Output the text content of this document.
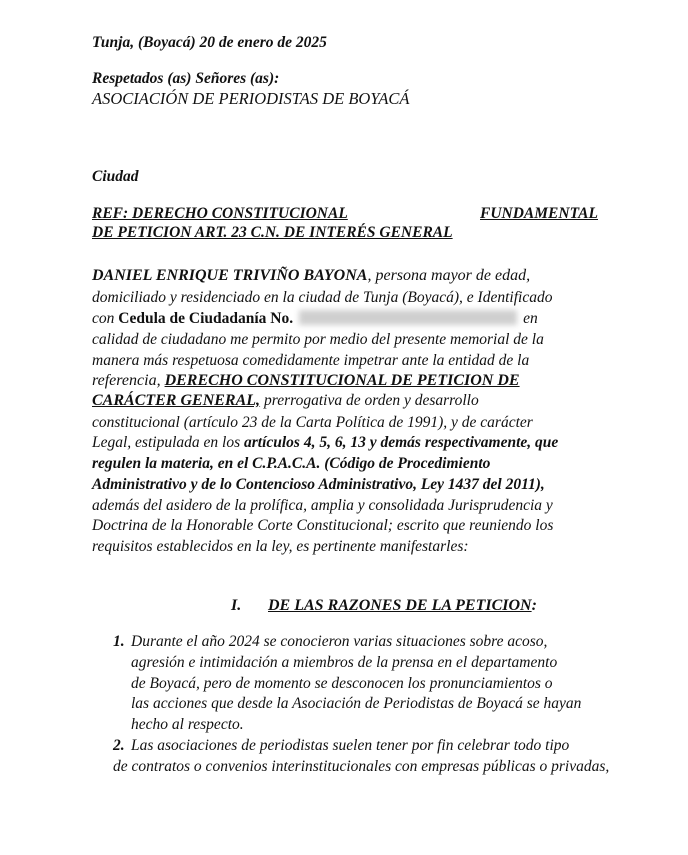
Tunja, (Boyacá) 20 de enero de 2025
Respetados (as) Señores (as):
ASOCIACIÓN DE PERIODISTAS DE BOYACÁ
Ciudad
REF: DERECHO CONSTITUCIONAL	FUNDAMENTAL
DE PETICION ART. 23 C.N. DE INTERÉS GENERAL
DANIEL ENRIQUE TRIVIÑO BAYONA, persona mayor de edad,
domiciliado y residenciado en la ciudad de Tunja (Boyacá), e Identificado
con Cedula de Ciudadanía No.	en
calidad de ciudadano me permito por medio del presente memorial de la
manera más respetuosa comedidamente impetrar ante la entidad de la
referencia, DERECHO CONSTITUCIONAL DE PETICION DE
CARÁCTER GENERAL, prerrogativa de orden y desarrollo
constitucional (artículo 23 de la Carta Política de 1991), y de carácter
Legal, estipulada en los artículos 4, 5, 6, 13 y demás respectivamente, que
regulen la materia, en el C.P.A.C.A. (Código de Procedimiento
Administrativo y de lo Contencioso Administrativo, Ley 1437 del 2011),
además del asidero de la prolífica, amplia y consolidada Jurisprudencia y
Doctrina de la Honorable Corte Constitucional; escrito que reuniendo los
requisitos establecidos en la ley, es pertinente manifestarles:
I. DE LAS RAZONES DE LA PETICION:
1. Durante el año 2024 se conocieron varias situaciones sobre acoso,
agresión e intimidación a miembros de la prensa en el departamento
de Boyacá, pero de momento se desconocen los pronunciamientos o
las acciones que desde la Asociación de Periodistas de Boyacá se hayan
hecho al respecto.
2. Las asociaciones de periodistas suelen tener por fin celebrar todo tipo
de contratos o convenios interinstitucionales con empresas públicas o privadas,
